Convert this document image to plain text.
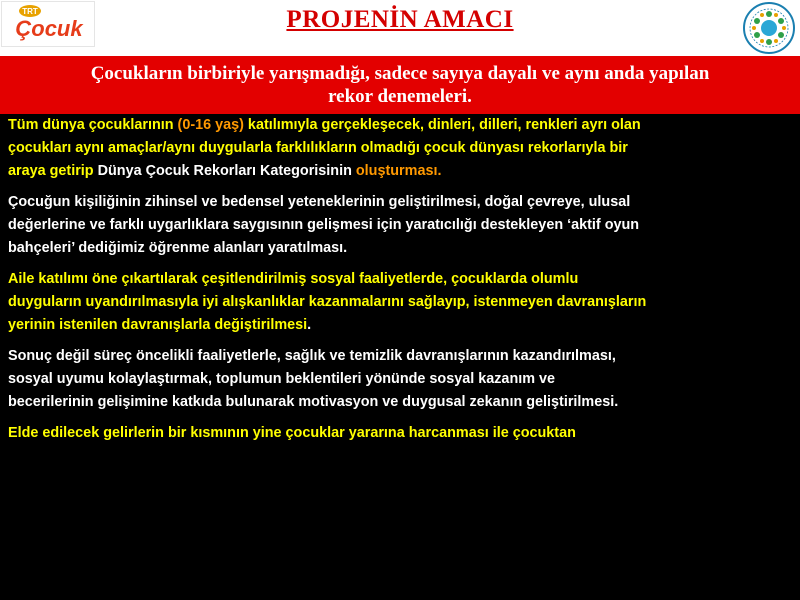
TRT
Çocuk	PROJENİN AMACI
Çocukların birbiriyle yarışmadığı, sadece sayıya dayalı ve aynı anda yapılan
rekor denemeleri.

Tüm dünya çocuklarının (0-16 yaş) katılımıyla gerçekleşecek, dinleri, dilleri, renkleri ayrı olan

çocukları aynı amaçlar/aynı duygularla farklılıkların olmadığı çocuk dünyası rekorlarıyla bir

araya getirip Dünya Çocuk Rekorları Kategorisinin oluşturması.

Çocuğun kişiliğinin zihinsel ve bedensel yeteneklerinin geliştirilmesi, doğal çevreye, ulusal

değerlerine ve farklı uygarlıklara saygısının gelişmesi için yaratıcılığı destekleyen ‘aktif oyun

bahçeleri’ dediğimiz öğrenme alanları yaratılması.

Aile katılımı öne çıkartılarak çeşitlendirilmiş sosyal faaliyetlerde, çocuklarda olumlu

duyguların uyandırılmasıyla iyi alışkanlıklar kazanmalarını sağlayıp, istenmeyen davranışların

yerinin istenilen davranışlarla değiştirilmesi.

Sonuç değil süreç öncelikli faaliyetlerle, sağlık ve temizlik davranışlarının kazandırılması,

sosyal uyumu kolaylaştırmak, toplumun beklentileri yönünde sosyal kazanım ve

becerilerinin gelişimine katkıda bulunarak motivasyon ve duygusal zekanın geliştirilmesi.

Elde edilecek gelirlerin bir kısmının yine çocuklar yararına harcanması ile çocuktan
